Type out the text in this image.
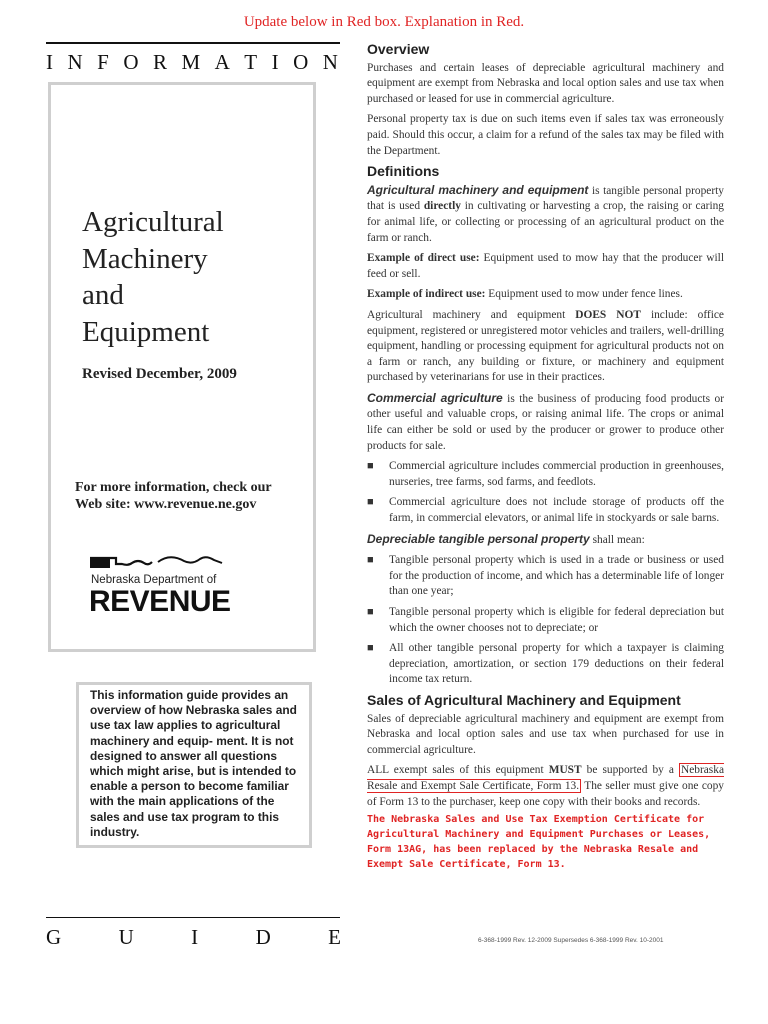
Update below in Red box. Explanation in Red.
I N F O R M A T I O N
Agricultural
Machinery
and
Equipment
Revised December, 2009
For more information, check our
Web site: www.revenue.ne.gov
Nebraska Department of
REVENUE
This information guide provides an overview of how Nebraska sales and use tax law applies to agricultural machinery and equip- ment. It is not designed to answer all questions which might arise, but is intended to enable a person to become familiar with the main applications of the sales and use tax program to this industry.
G	U	I	D	E
Overview

Purchases and certain leases of depreciable agricultural machinery and equipment are exempt from Nebraska and local option sales and use tax when purchased or leased for use in commercial agriculture.

Personal property tax is due on such items even if sales tax was erroneously paid. Should this occur, a claim for a refund of the sales tax may be filed with the Department.

Definitions

Agricultural machinery and equipment is tangible personal property that is used directly in cultivating or harvesting a crop, the raising or caring for animal life, or collecting or processing of an agricultural product on the farm or ranch.

Example of direct use: Equipment used to mow hay that the producer will feed or sell.

Example of indirect use: Equipment used to mow under fence lines.

Agricultural machinery and equipment DOES NOT include: office equipment, registered or unregistered motor vehicles and trailers, well-drilling equipment, handling or processing equipment for agricultural products not on a farm or ranch, any building or fixture, or machinery and equipment purchased by veterinarians for use in their practices.

Commercial agriculture is the business of producing food products or other useful and valuable crops, or raising animal life. The crops or animal life can either be sold or used by the producer or grower to produce other products for sale.

■ Commercial agriculture includes commercial production in greenhouses, nurseries, tree farms, sod farms, and feedlots.
■ Commercial agriculture does not include storage of products off the farm, in commercial elevators, or animal life in stockyards or sale barns.

Depreciable tangible personal property shall mean:

■ Tangible personal property which is used in a trade or business or used for the production of income, and which has a determinable life of longer than one year;
■ Tangible personal property which is eligible for federal depreciation but which the owner chooses not to depreciate; or
■ All other tangible personal property for which a taxpayer is claiming depreciation, amortization, or section 179 deductions on their federal income tax return.
Sales of Agricultural Machinery and Equipment

Sales of depreciable agricultural machinery and equipment are exempt from Nebraska and local option sales and use tax when purchased for use in commercial agriculture.

ALL exempt sales of this equipment MUST be supported by a Nebraska Resale and Exempt Sale Certificate, Form 13. The seller must give one copy of Form 13 to the purchaser, keep one copy with their books and records.

The Nebraska Sales and Use Tax Exemption Certificate for Agricultural Machinery and Equipment Purchases or Leases, Form 13AG, has been replaced by the Nebraska Resale and Exempt Sale Certificate, Form 13.
6-368-1999 Rev. 12-2009 Supersedes 6-368-1999 Rev. 10-2001
